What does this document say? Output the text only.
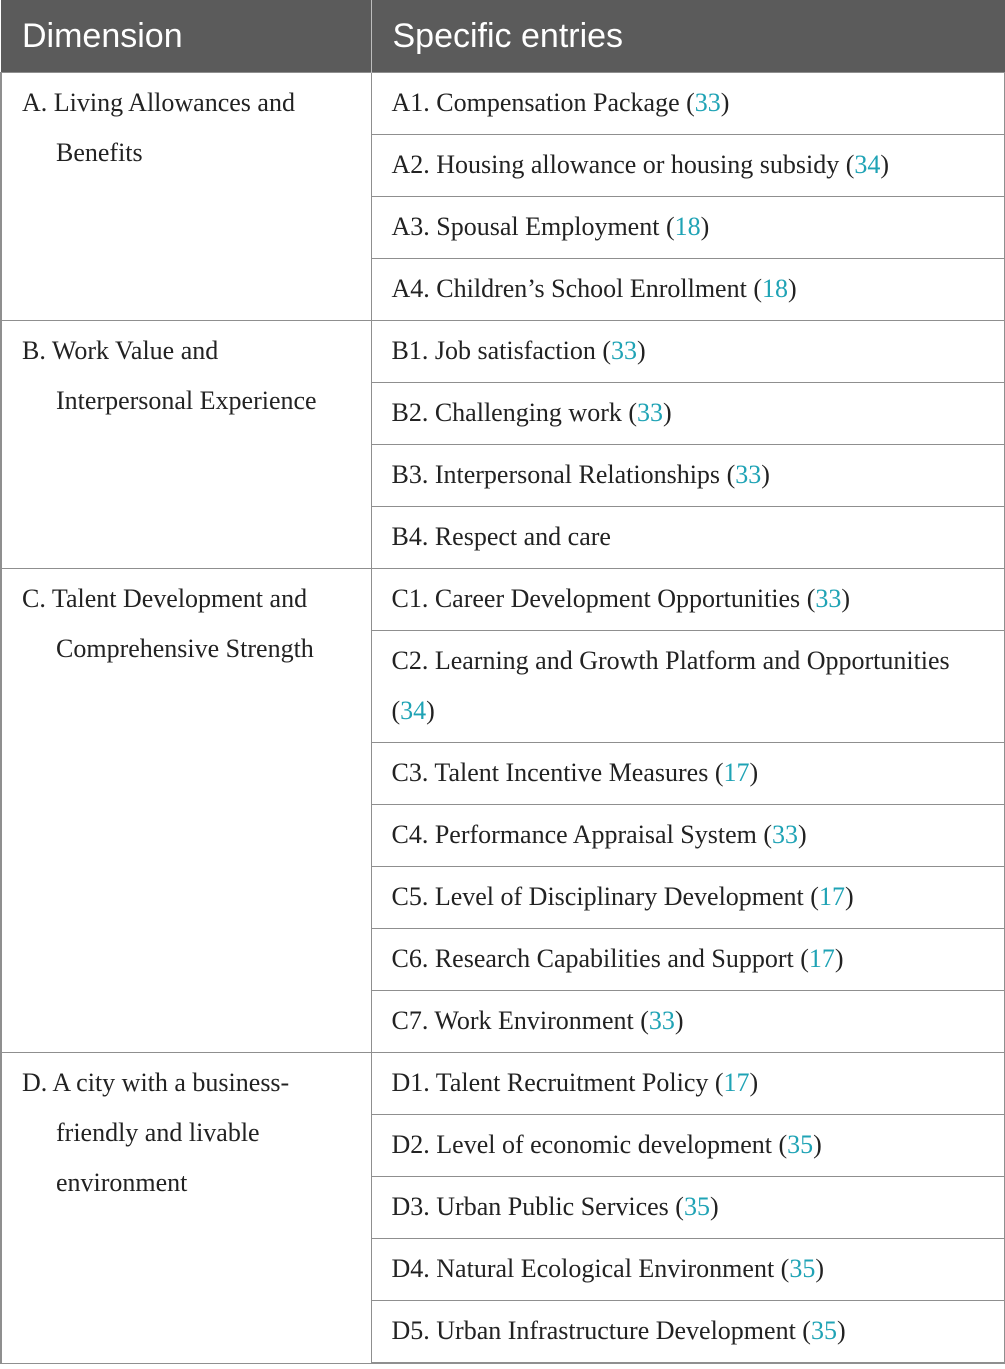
Dimension	Specific entries

A. Living Allowances and Benefits	A1. Compensation Package (33)
	A2. Housing allowance or housing subsidy (34)
	A3. Spousal Employment (18)
	A4. Children’s School Enrollment (18)

B. Work Value and Interpersonal Experience	B1. Job satisfaction (33)
	B2. Challenging work (33)
	B3. Interpersonal Relationships (33)
	B4. Respect and care

C. Talent Development and Comprehensive Strength	C1. Career Development Opportunities (33)
	C2. Learning and Growth Platform and Opportunities (34)
	C3. Talent Incentive Measures (17)
	C4. Performance Appraisal System (33)
	C5. Level of Disciplinary Development (17)
	C6. Research Capabilities and Support (17)
	C7. Work Environment (33)

D. A city with a business-friendly and livable environment	D1. Talent Recruitment Policy (17)
	D2. Level of economic development (35)
	D3. Urban Public Services (35)
	D4. Natural Ecological Environment (35)
	D5. Urban Infrastructure Development (35)
